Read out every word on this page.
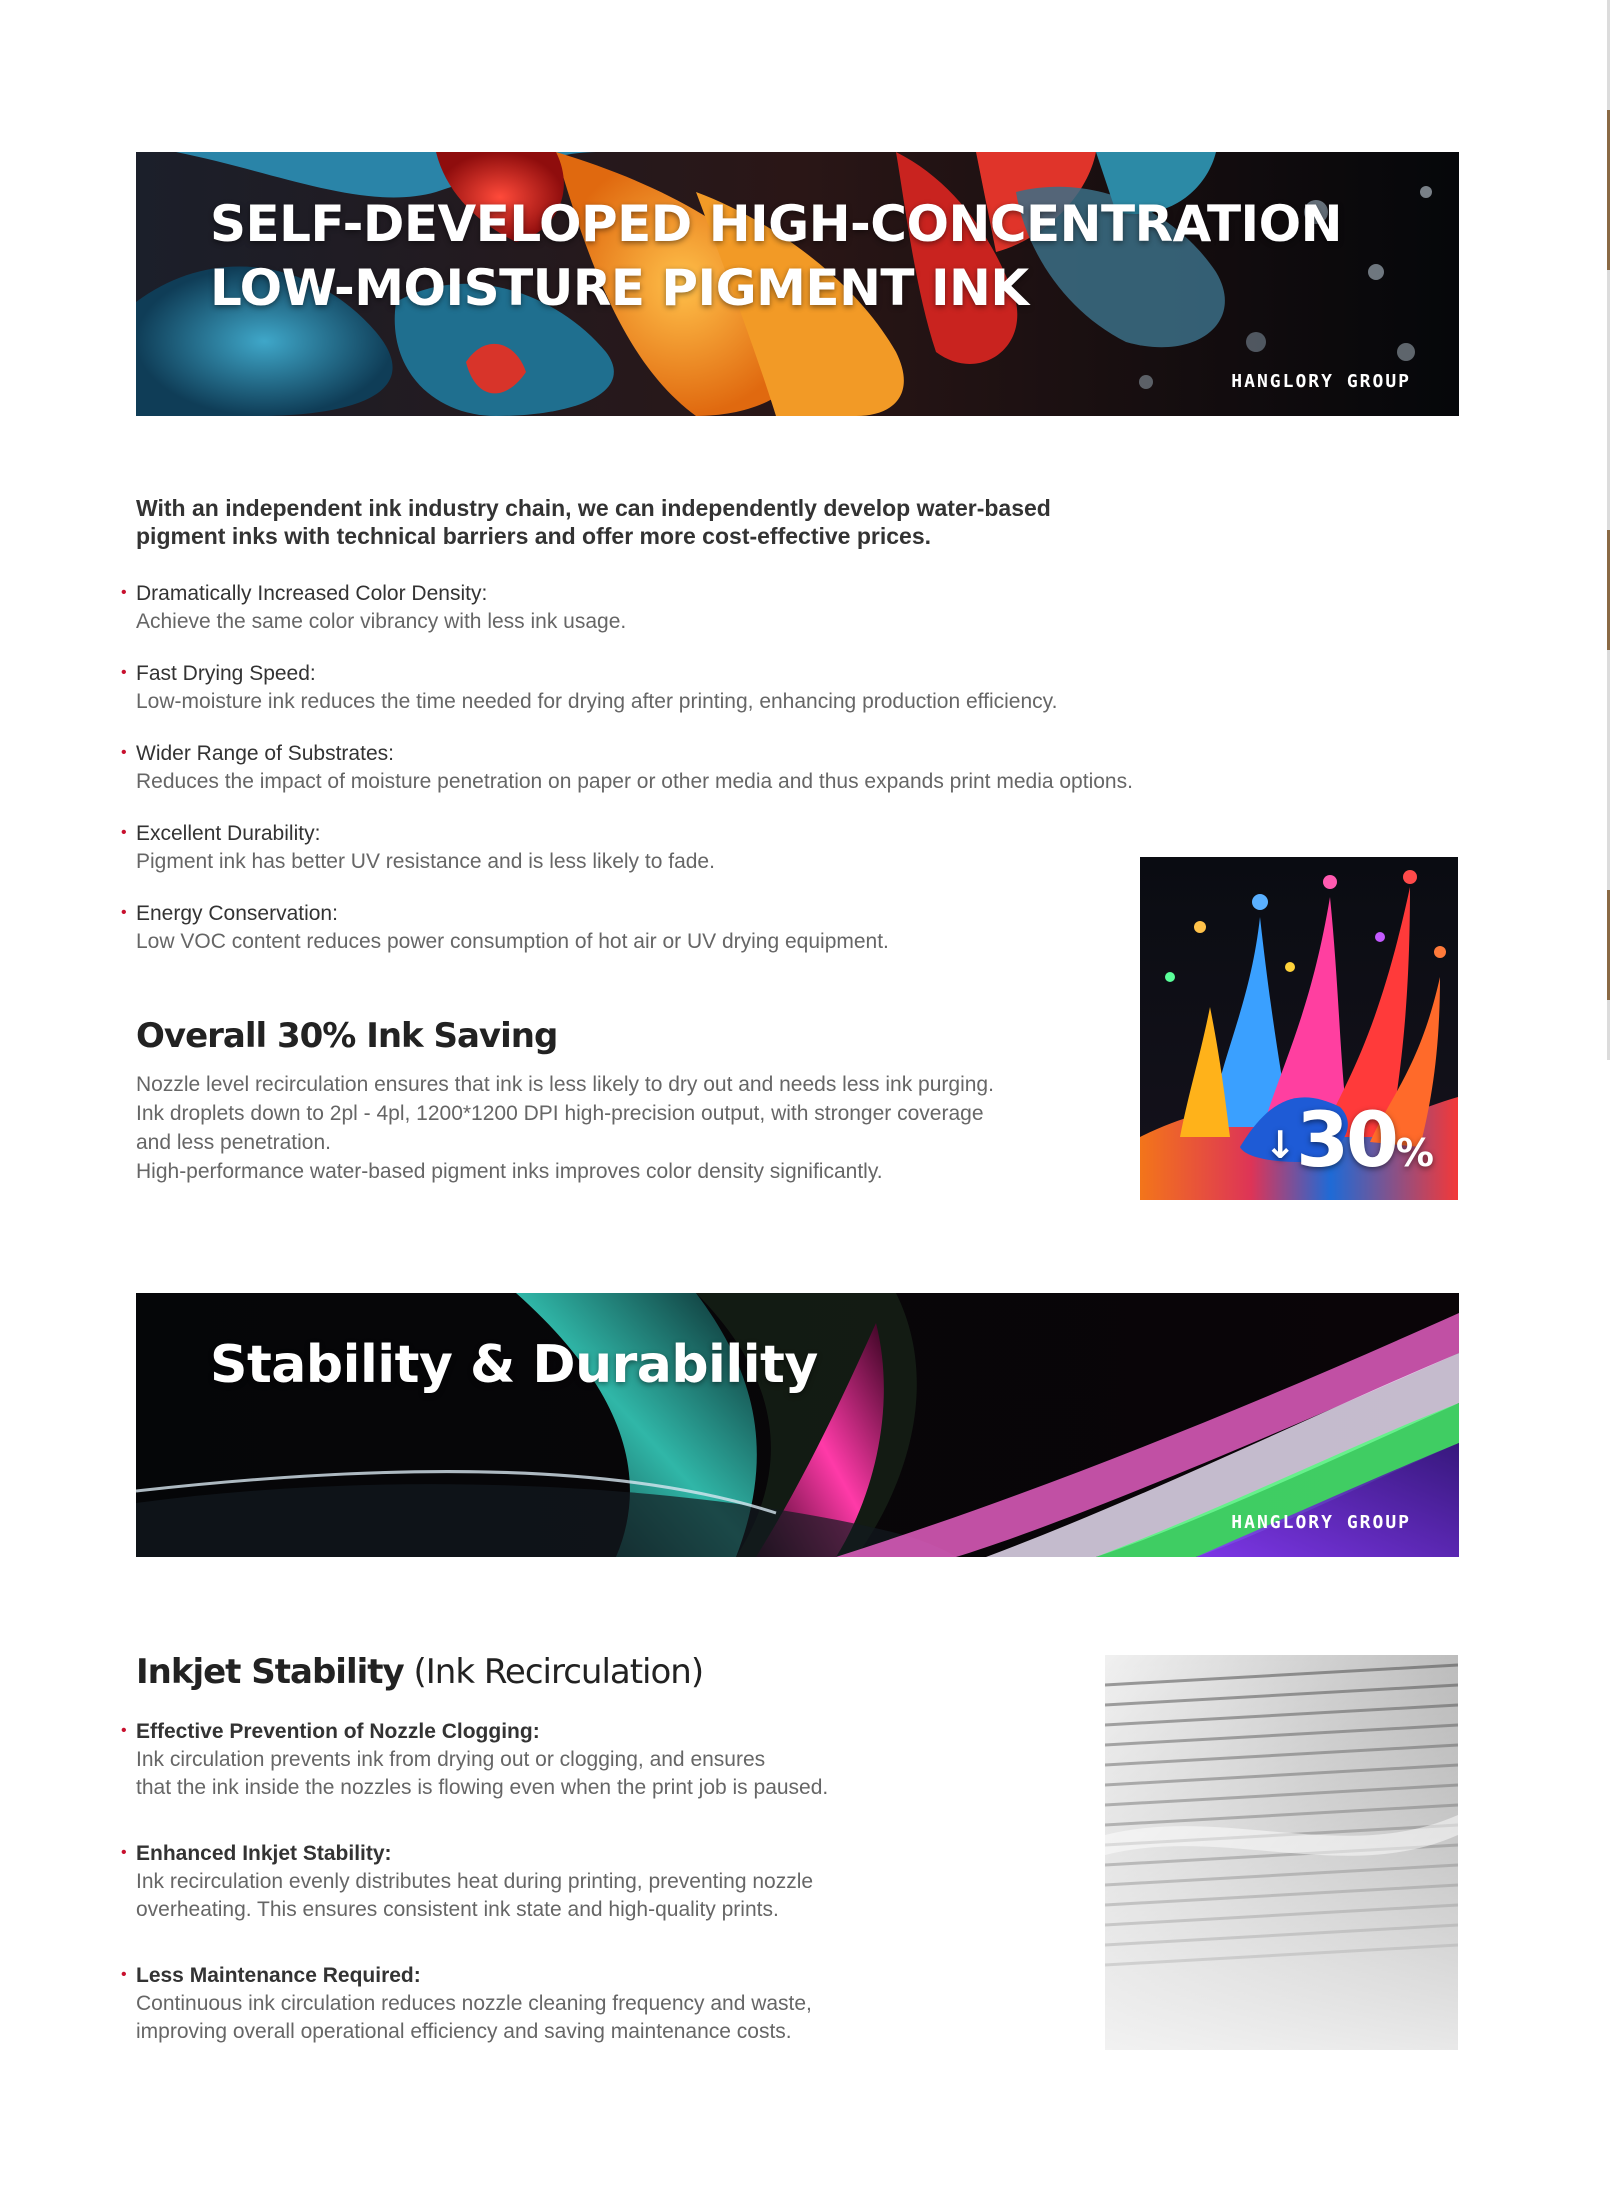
SELF-DEVELOPED HIGH-CONCENTRATION
LOW-MOISTURE PIGMENT INK
HANGLORY GROUP

With an independent ink industry chain, we can independently develop water-based pigment inks with technical barriers and offer more cost-effective prices.

• Dramatically Increased Color Density:
Achieve the same color vibrancy with less ink usage.
• Fast Drying Speed:
Low-moisture ink reduces the time needed for drying after printing, enhancing production efficiency.
• Wider Range of Substrates:
Reduces the impact of moisture penetration on paper or other media and thus expands print media options.
• Excellent Durability:
Pigment ink has better UV resistance and is less likely to fade.
• Energy Conservation:
Low VOC content reduces power consumption of hot air or UV drying equipment.
↓30%
Overall 30% Ink Saving

Nozzle level recirculation ensures that ink is less likely to dry out and needs less ink purging.
Ink droplets down to 2pl - 4pl, 1200*1200 DPI high-precision output, with stronger coverage
and less penetration.
High-performance water-based pigment inks improves color density significantly.

Stability & Durability
HANGLORY GROUP
Inkjet Stability (Ink Recirculation)
• Effective Prevention of Nozzle Clogging:
Ink circulation prevents ink from drying out or clogging, and ensures
that the ink inside the nozzles is flowing even when the print job is paused.
• Enhanced Inkjet Stability:
Ink recirculation evenly distributes heat during printing, preventing nozzle
overheating. This ensures consistent ink state and high-quality prints.
• Less Maintenance Required:
Continuous ink circulation reduces nozzle cleaning frequency and waste,
improving overall operational efficiency and saving maintenance costs.
